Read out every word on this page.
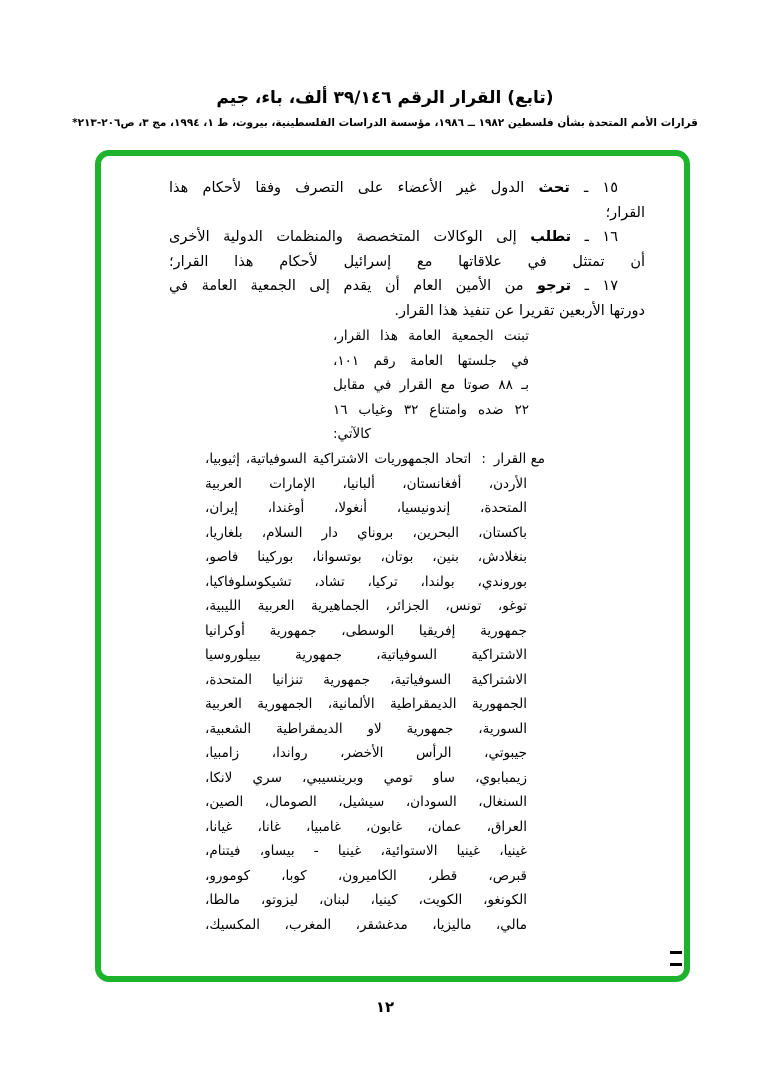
(تابع) القرار الرقم ٣٩/١٤٦ ألف، باء، جيم
قرارات الأمم المتحدة بشأن فلسطين ١٩٨٢ ــ ١٩٨٦، مؤسسة الدراسات الفلسطينية، بيروت، ط ١، ١٩٩٤، مج ٣، ص٢٠٦-٢١٣*
١٥ ـ تحث الدول غير الأعضاء على التصرف وفقا لأحكام هذا
القرار؛
١٦ ـ تطلب إلى الوكالات المتخصصة والمنظمات الدولية الأخرى
أن تمتثل في علاقاتها مع إسرائيل لأحكام هذا القرار؛
١٧ ـ ترجو من الأمين العام أن يقدم إلى الجمعية العامة في
دورتها الأربعين تقريرا عن تنفيذ هذا القرار.
تبنت الجمعية العامة هذا القرار،
في جلستها العامة رقم ١٠١،
بـ ٨٨ صوتا مع القرار في مقابل
٢٢ ضده وامتناع ٣٢ وغياب ١٦
كالآتي:
مع القرار
:
اتحاد الجمهوريات الاشتراكية السوفياتية، إثيوبيا،
الأردن، أفغانستان، ألبانيا، الإمارات العربية
المتحدة، إندونيسيا، أنغولا، أوغندا، إيران،
باكستان، البحرين، بروناي دار السلام، بلغاريا،
بنغلادش، بنين، بوتان، بوتسوانا، بوركينا فاصو،
بوروندي، بولندا، تركيا، تشاد، تشيكوسلوفاكيا،
توغو، تونس، الجزائر، الجماهيرية العربية الليبية،
جمهورية إفريقيا الوسطى، جمهورية أوكرانيا
الاشتراكية السوفياتية، جمهورية بييلوروسيا
الاشتراكية السوفياتية، جمهورية تنزانيا المتحدة،
الجمهورية الديمقراطية الألمانية، الجمهورية العربية
السورية، جمهورية لاو الديمقراطية الشعبية،
جيبوتي، الرأس الأخضر، رواندا، زامبيا،
زيمبابوي، ساو تومي وبرينسيبي، سري لانكا،
السنغال، السودان، سيشيل، الصومال، الصين،
العراق، عمان، غابون، غامبيا، غانا، غيانا،
غينيا، غينيا الاستوائية، غينيا - بيساو، فيتنام،
قبرص، قطر، الكاميرون، كوبا، كومورو،
الكونغو، الكويت، كينيا، لبنان، ليزوتو، مالطا،
مالي، ماليزيا، مدغشقر، المغرب، المكسيك،
١٢
